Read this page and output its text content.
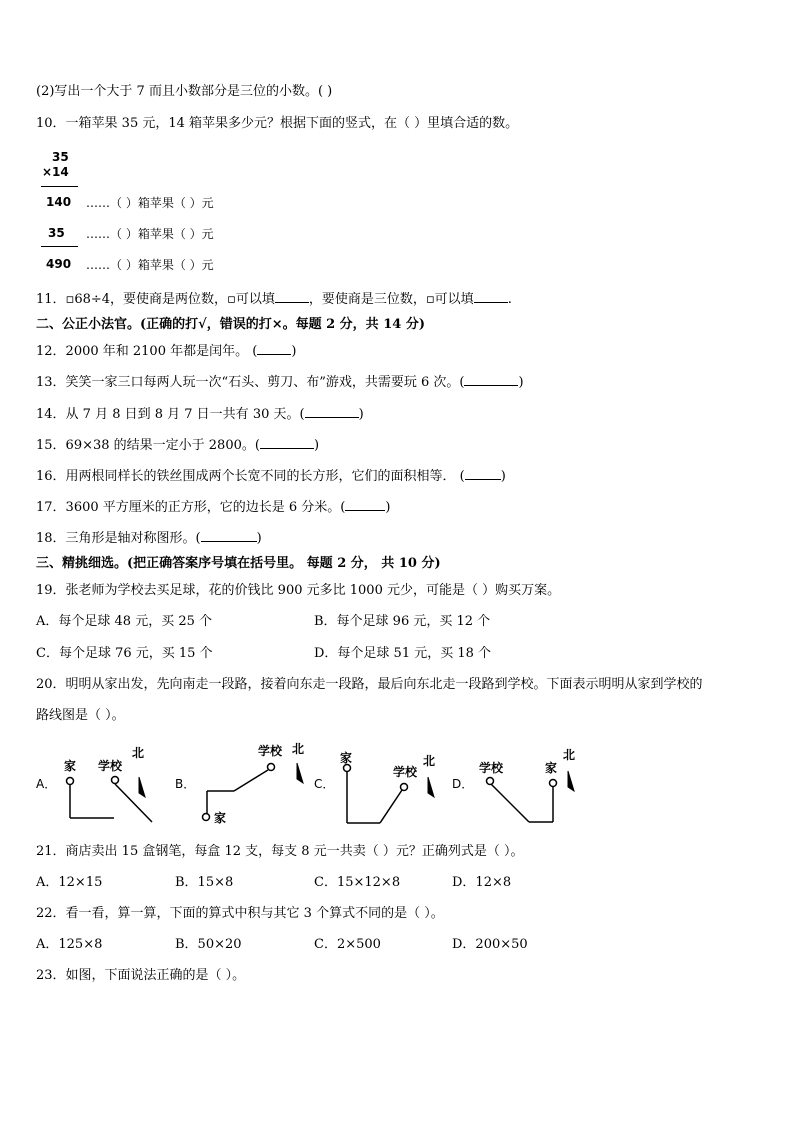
(2)写出一个大于 7 而且小数部分是三位的小数。( )
10．一箱苹果 35 元，14 箱苹果多少元？根据下面的竖式，在（ ）里填合适的数。
35
×14
140 ……（ ）箱苹果（ ）元
35 ……（ ）箱苹果（ ）元
490 ……（ ）箱苹果（ ）元
11．▫68÷4，要使商是两位数，▫可以填	，要使商是三位数，▫可以填	.
二、公正小法官。(正确的打√，错误的打×。每题 2 分，共 14 分)
12．2000 年和 2100 年都是闰年。 (	)
13．笑笑一家三口每两人玩一次“石头、剪刀、布”游戏，共需要玩 6 次。(	)
14．从 7 月 8 日到 8 月 7 日一共有 30 天。(	)
15．69×38 的结果一定小于 2800。(	)
16．用两根同样长的铁丝围成两个长宽不同的长方形，它们的面积相等． (	)
17．3600 平方厘米的正方形，它的边长是 6 分米。(	)
18．三角形是轴对称图形。(	)
三、精挑细选。(把正确答案序号填在括号里。 每题 2 分， 共 10 分)
19．张老师为学校去买足球，花的价钱比 900 元多比 1000 元少，可能是（ ）购买万案。
A．每个足球 48 元，买 25 个	B．每个足球 96 元，买 12 个
C．每个足球 76 元，买 15 个	D．每个足球 51 元，买 18 个
20．明明从家出发，先向南走一段路，接着向东走一段路，最后向东北走一段路到学校。下面表示明明从家到学校的
路线图是（ ）。
A．	B．	C．	D．
家 学校
北	学校 北
家
家
学校
北	学校	家
北
21．商店卖出 15 盒钢笔，每盒 12 支，每支 8 元一共卖（ ）元？正确列式是（ ）。
A．12×15	B．15×8	C．15×12×8	D．12×8
22．看一看，算一算，下面的算式中积与其它 3 个算式不同的是（ ）。
A．125×8	B．50×20	C．2×500	D．200×50
23．如图，下面说法正确的是（ ）。
